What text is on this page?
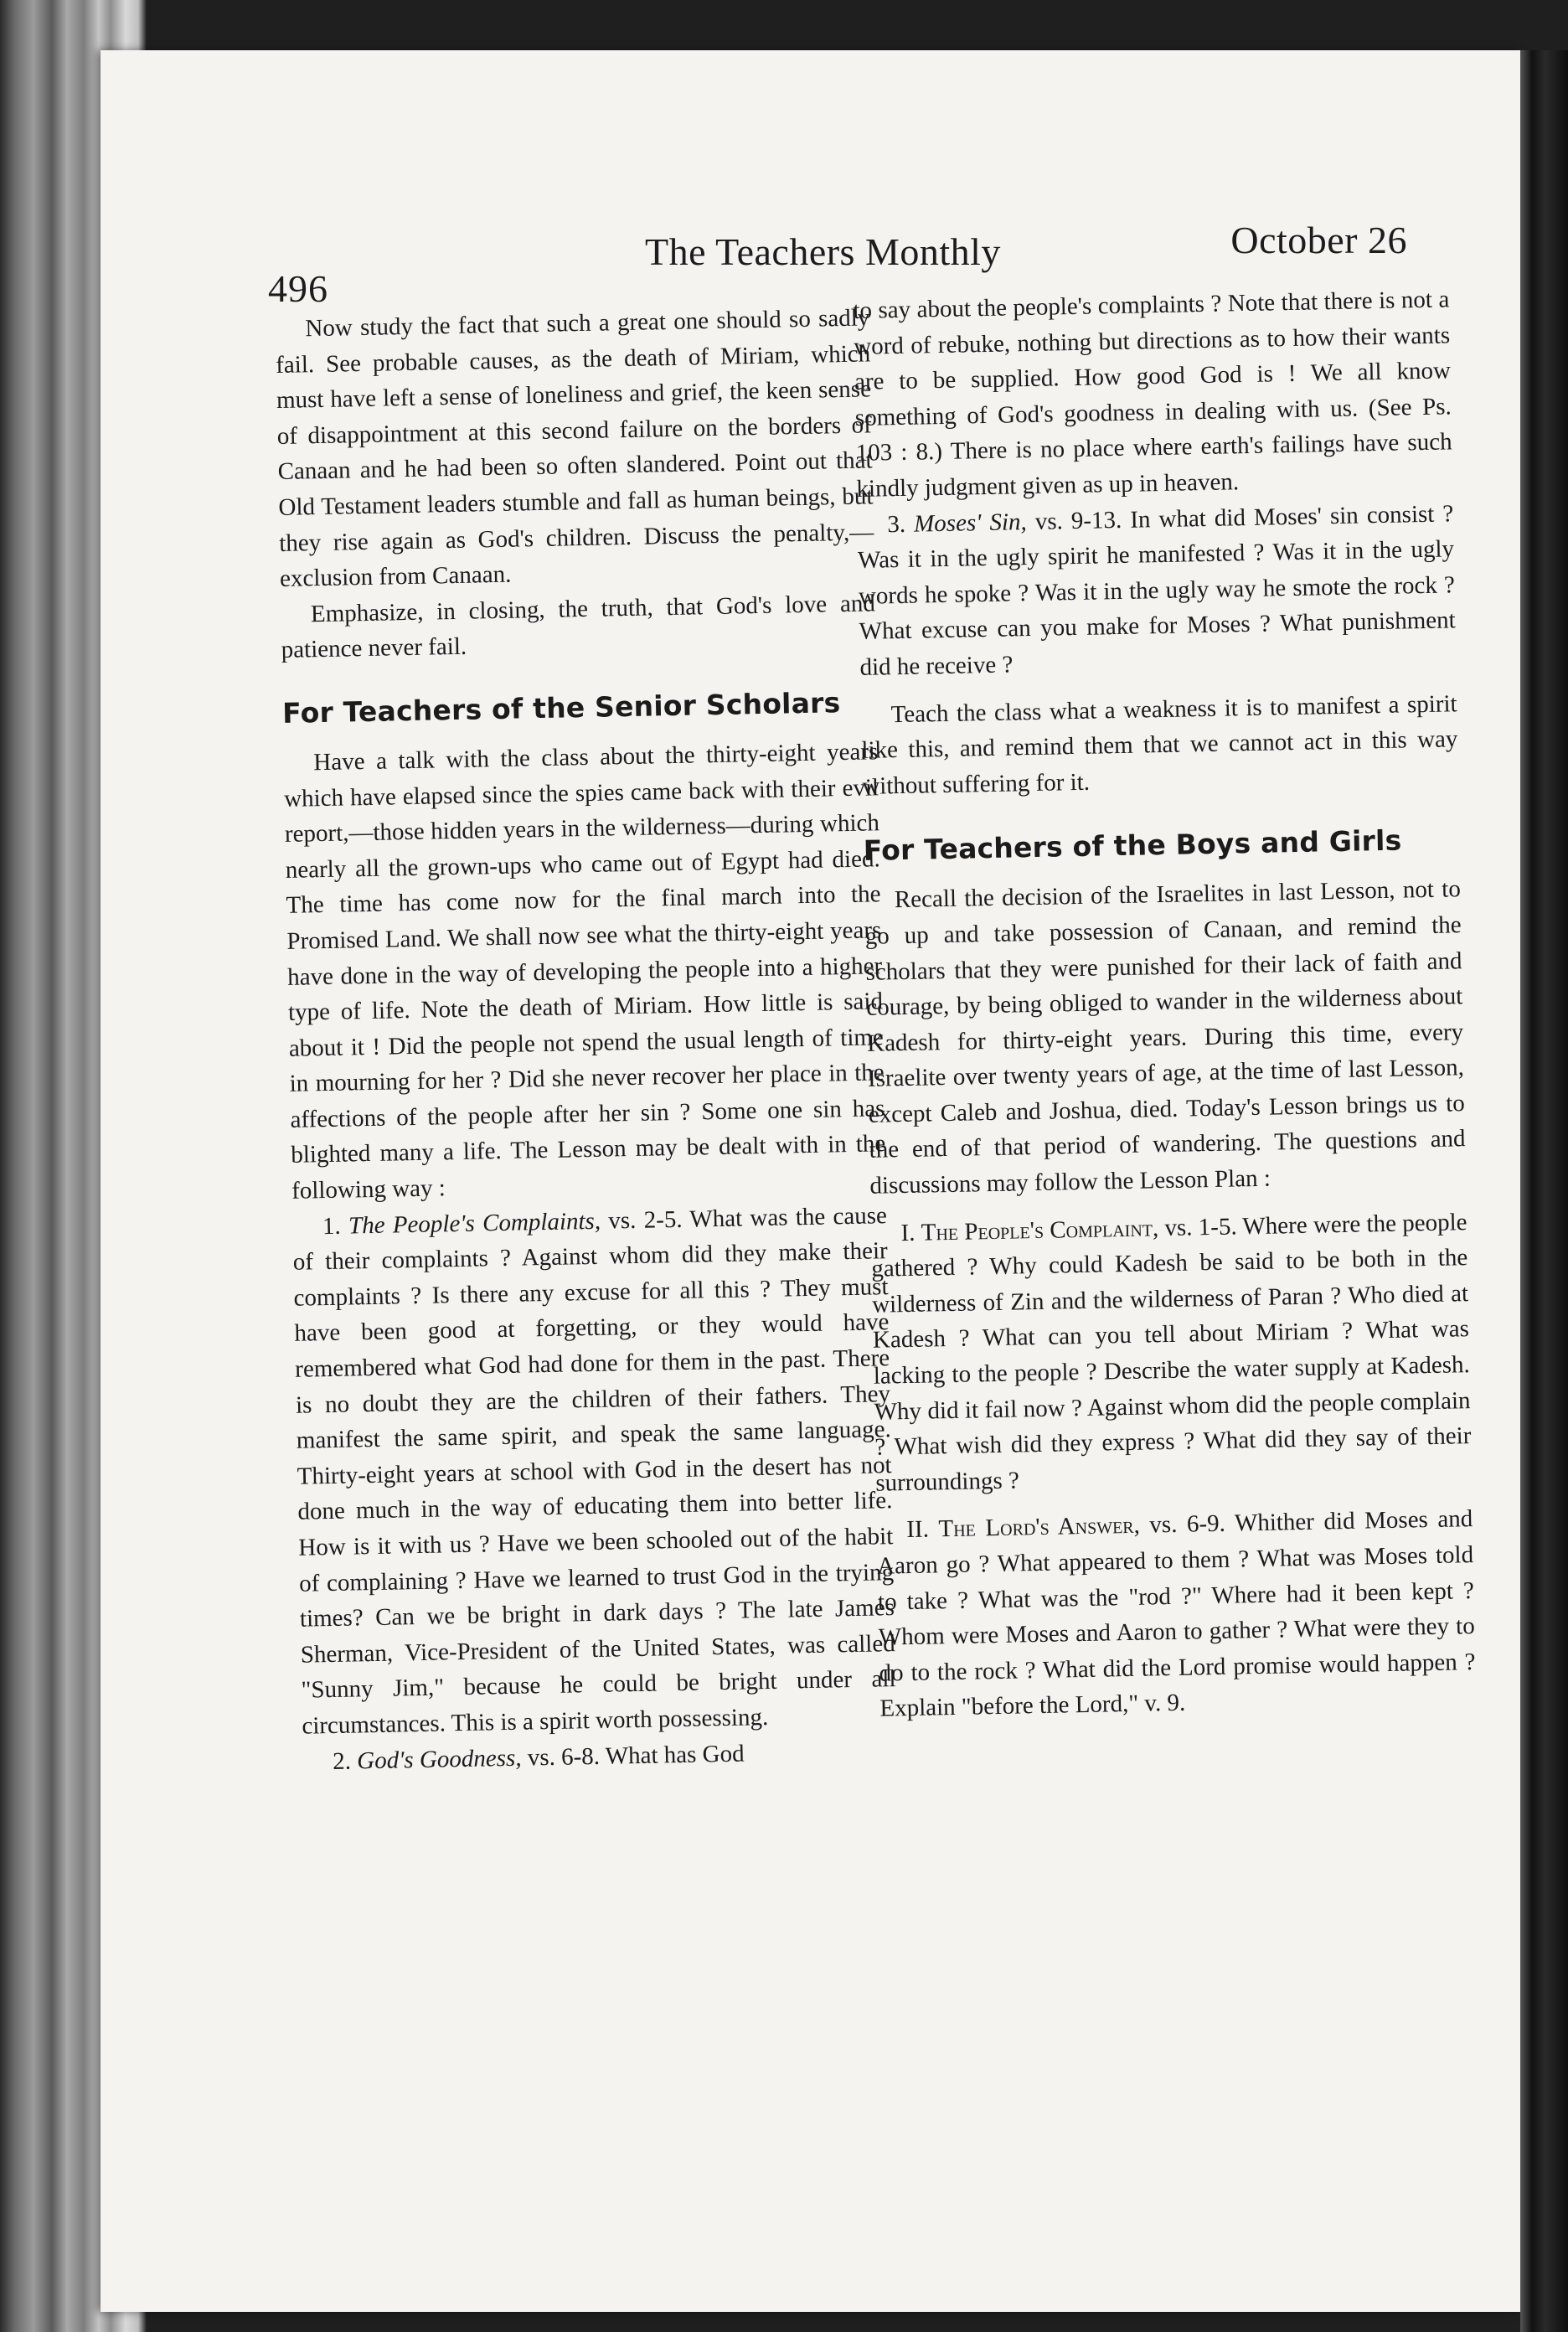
496
The Teachers Monthly	October 26

Now study the fact that such a great one should so sadly fail. See probable causes, as the death of Miriam, which must have left a sense of loneliness and grief, the keen sense of disappointment at this second failure on the borders of Canaan and he had been so often slandered. Point out that Old Testament leaders stumble and fall as human beings, but they rise again as God's children. Discuss the penalty,—exclusion from Canaan.

Emphasize, in closing, the truth, that God's love and patience never fail.

For Teachers of the Senior Scholars

Have a talk with the class about the thirty-eight years which have elapsed since the spies came back with their evil report,—those hidden years in the wilderness—during which nearly all the grown-ups who came out of Egypt had died. The time has come now for the final march into the Promised Land. We shall now see what the thirty-eight years have done in the way of developing the people into a higher type of life. Note the death of Miriam. How little is said about it ! Did the people not spend the usual length of time in mourning for her ? Did she never recover her place in the affections of the people after her sin ? Some one sin has blighted many a life. The Lesson may be dealt with in the following way :

1. The People's Complaints, vs. 2-5. What was the cause of their complaints ? Against whom did they make their complaints ? Is there any excuse for all this ? They must have been good at forgetting, or they would have remembered what God had done for them in the past. There is no doubt they are the children of their fathers. They manifest the same spirit, and speak the same language. Thirty-eight years at school with God in the desert has not done much in the way of educating them into better life. How is it with us ? Have we been schooled out of the habit of complaining ? Have we learned to trust God in the trying times? Can we be bright in dark days ? The late James Sherman, Vice-President of the United States, was called "Sunny Jim," because he could be bright under all circumstances. This is a spirit worth possessing.

2. God's Goodness, vs. 6-8. What has God

to say about the people's complaints ? Note that there is not a word of rebuke, nothing but directions as to how their wants are to be supplied. How good God is ! We all know something of God's goodness in dealing with us. (See Ps. 103 : 8.) There is no place where earth's failings have such kindly judgment given as up in heaven.

3. Moses' Sin, vs. 9-13. In what did Moses' sin consist ? Was it in the ugly spirit he manifested ? Was it in the ugly words he spoke ? Was it in the ugly way he smote the rock ? What excuse can you make for Moses ? What punishment did he receive ?

Teach the class what a weakness it is to manifest a spirit like this, and remind them that we cannot act in this way without suffering for it.

For Teachers of the Boys and Girls

Recall the decision of the Israelites in last Lesson, not to go up and take possession of Canaan, and remind the scholars that they were punished for their lack of faith and courage, by being obliged to wander in the wilderness about Kadesh for thirty-eight years. During this time, every Israelite over twenty years of age, at the time of last Lesson, except Caleb and Joshua, died. Today's Lesson brings us to the end of that period of wandering. The questions and discussions may follow the Lesson Plan :

I. The People's Complaint, vs. 1-5. Where were the people gathered ? Why could Kadesh be said to be both in the wilderness of Zin and the wilderness of Paran ? Who died at Kadesh ? What can you tell about Miriam ? What was lacking to the people ? Describe the water supply at Kadesh. Why did it fail now ? Against whom did the people complain ? What wish did they express ? What did they say of their surroundings ?

II. The Lord's Answer, vs. 6-9. Whither did Moses and Aaron go ? What appeared to them ? What was Moses told to take ? What was the "rod ?" Where had it been kept ? Whom were Moses and Aaron to gather ? What were they to do to the rock ? What did the Lord promise would happen ? Explain "before the Lord," v. 9.
